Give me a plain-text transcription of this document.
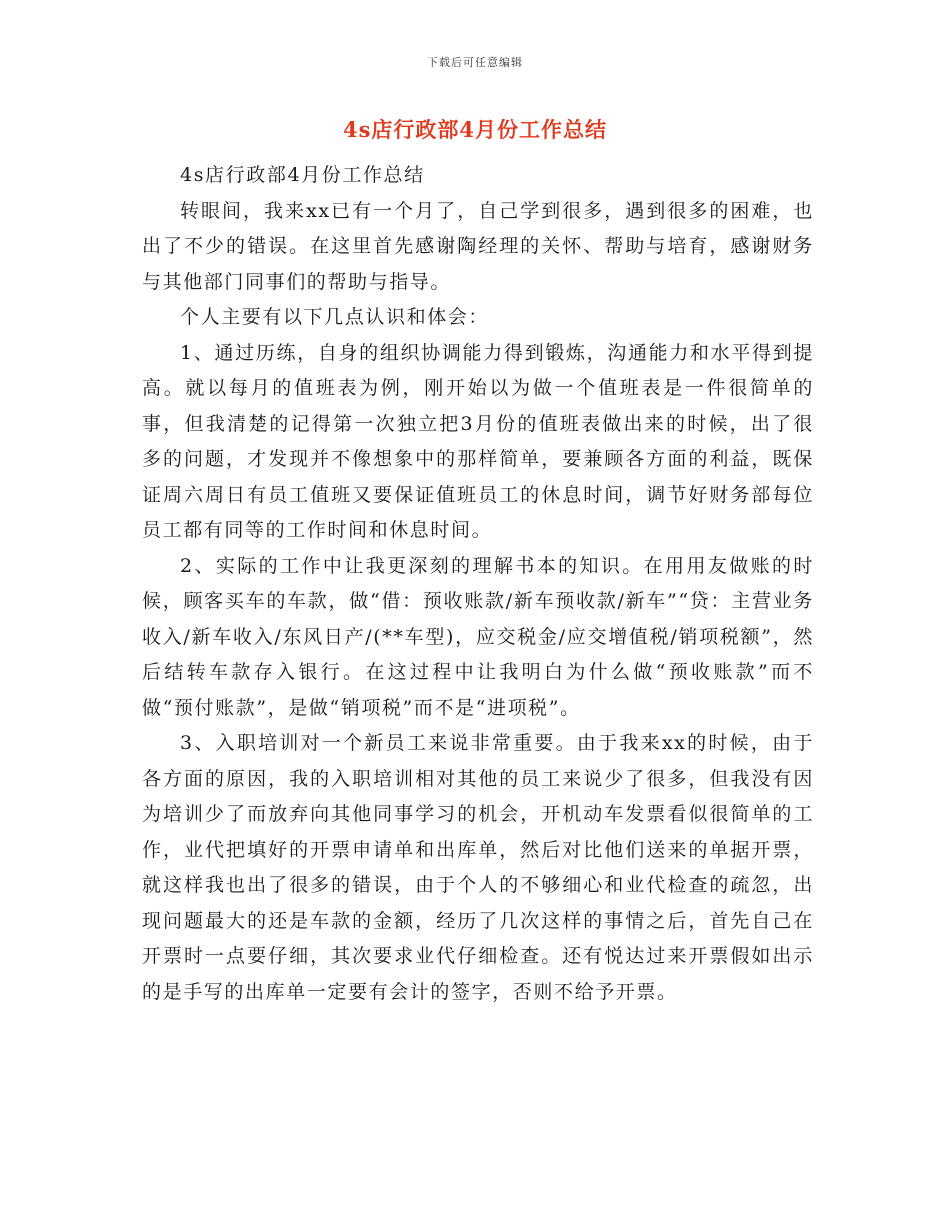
下载后可任意编辑
4s店行政部4月份工作总结

4s店行政部4月份工作总结

转眼间，我来xx已有一个月了，自己学到很多，遇到很多的困难，也出了不少的错误。在这里首先感谢陶经理的关怀、帮助与培育，感谢财务与其他部门同事们的帮助与指导。

个人主要有以下几点认识和体会：

1、通过历练，自身的组织协调能力得到锻炼，沟通能力和水平得到提高。就以每月的值班表为例，刚开始以为做一个值班表是一件很简单的事，但我清楚的记得第一次独立把3月份的值班表做出来的时候，出了很多的问题，才发现并不像想象中的那样简单，要兼顾各方面的利益，既保证周六周日有员工值班又要保证值班员工的休息时间，调节好财务部每位员工都有同等的工作时间和休息时间。

2、实际的工作中让我更深刻的理解书本的知识。在用用友做账的时候，顾客买车的车款，做“借：预收账款/新车预收款/新车”“贷：主营业务收入/新车收入/东风日产/(**车型)，应交税金/应交增值税/销项税额”，然后结转车款存入银行。在这过程中让我明白为什么做“预收账款”而不做“预付账款”，是做“销项税”而不是“进项税”。

3、入职培训对一个新员工来说非常重要。由于我来xx的时候，由于各方面的原因，我的入职培训相对其他的员工来说少了很多，但我没有因为培训少了而放弃向其他同事学习的机会，开机动车发票看似很简单的工作，业代把填好的开票申请单和出库单，然后对比他们送来的单据开票，就这样我也出了很多的错误，由于个人的不够细心和业代检查的疏忽，出现问题最大的还是车款的金额，经历了几次这样的事情之后，首先自己在开票时一点要仔细，其次要求业代仔细检查。还有悦达过来开票假如出示的是手写的出库单一定要有会计的签字，否则不给予开票。
